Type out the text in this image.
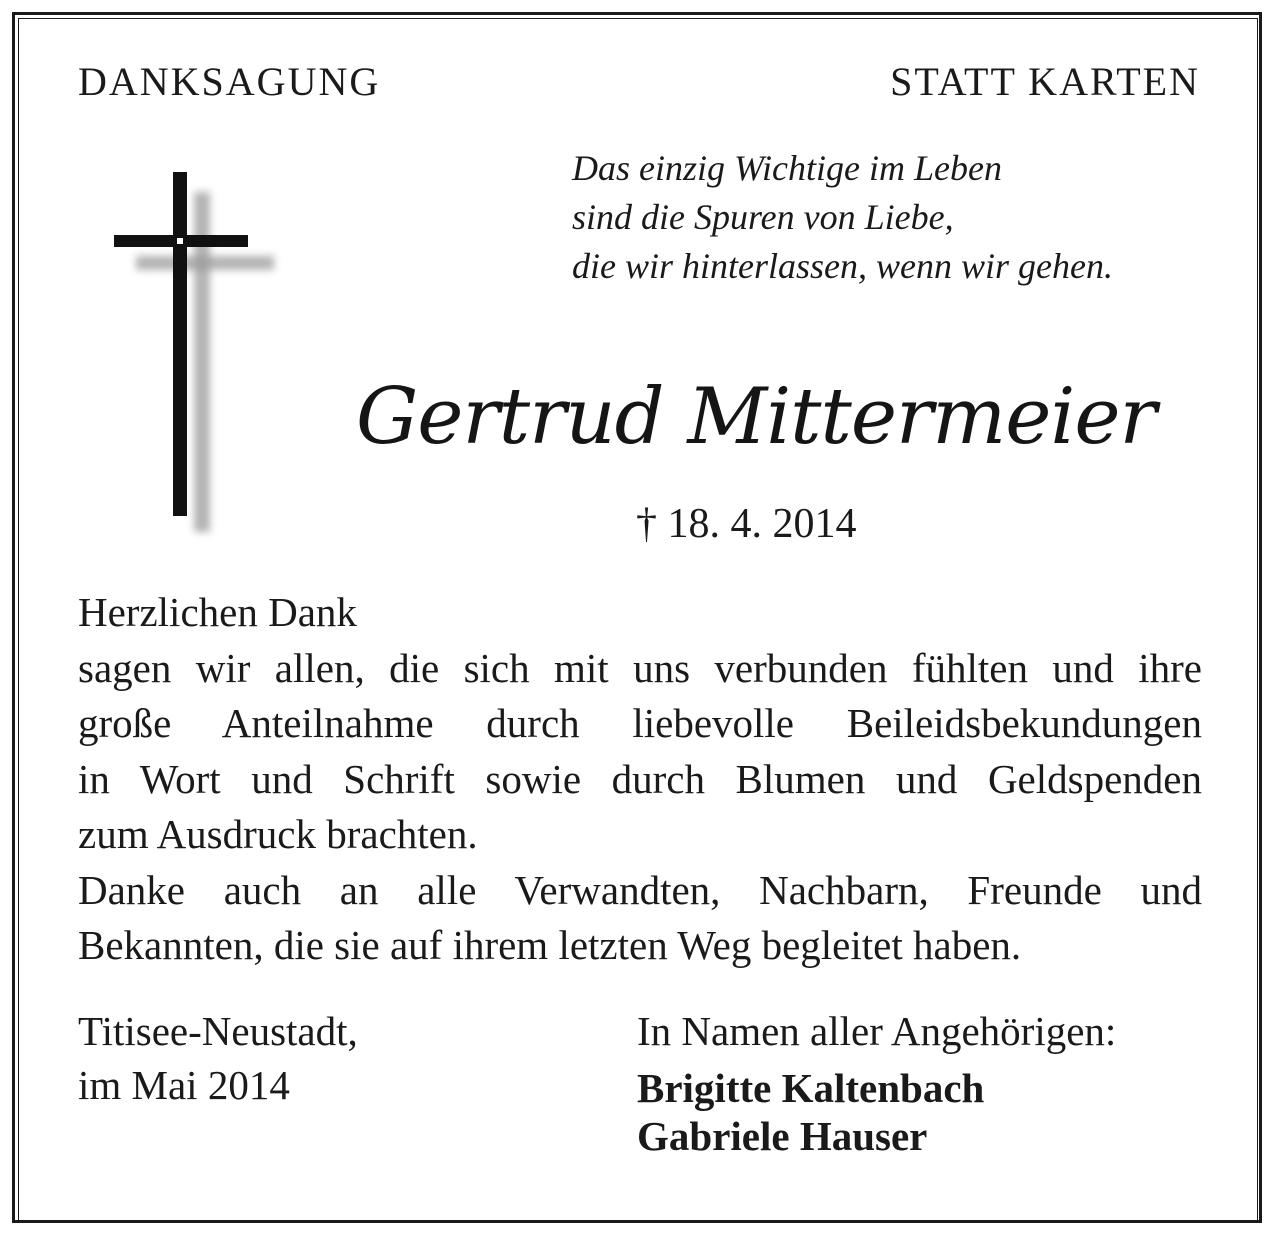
DANKSAGUNG	STATT KARTEN
Das einzig Wichtige im Leben
sind die Spuren von Liebe,
die wir hinterlassen, wenn wir gehen.
Gertrud Mittermeier
† 18. 4. 2014
Herzlichen Dank
sagen wir allen, die sich mit uns verbunden fühlten und ihre
große Anteilnahme durch liebevolle Beileidsbekundungen
in Wort und Schrift sowie durch Blumen und Geldspenden
zum Ausdruck brachten.
Danke auch an alle Verwandten, Nachbarn, Freunde und
Bekannten, die sie auf ihrem letzten Weg begleitet haben.
Titisee-Neustadt,
im Mai 2014
In Namen aller Angehörigen:
Brigitte Kaltenbach
Gabriele Hauser
